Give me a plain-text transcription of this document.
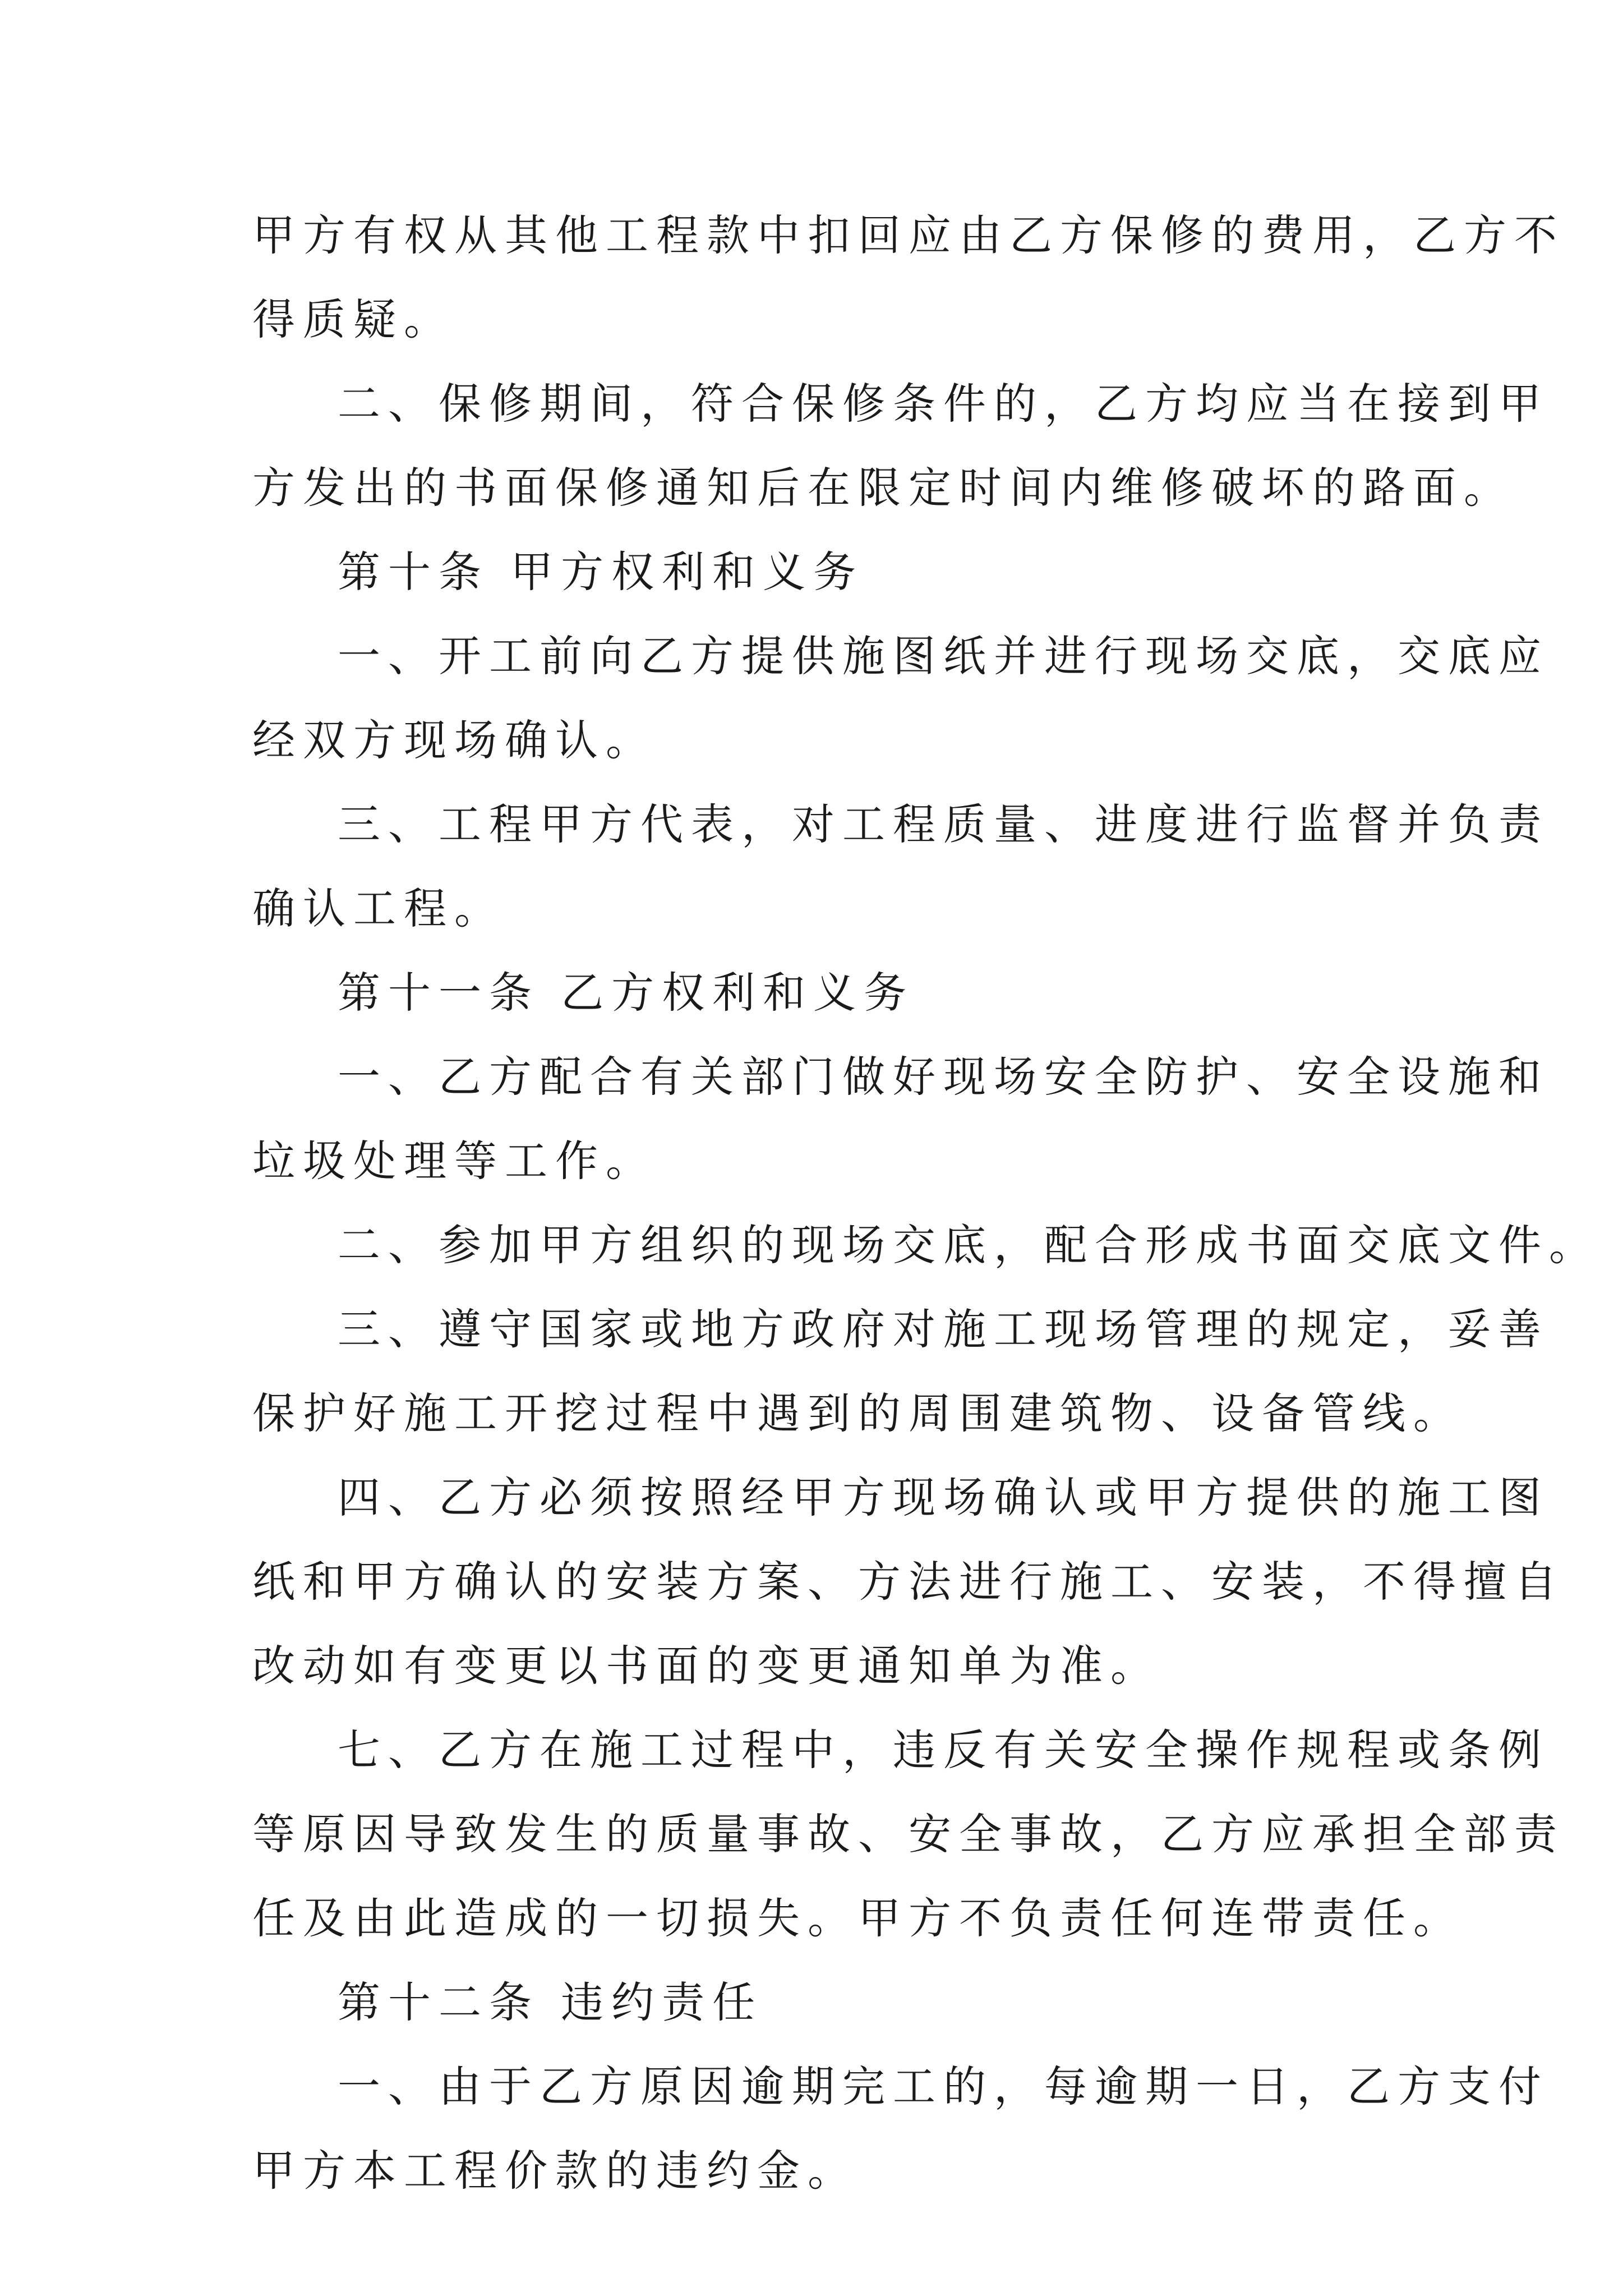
甲方有权从其他工程款中扣回应由乙方保修的费用，乙方不
得质疑。
二、保修期间，符合保修条件的，乙方均应当在接到甲
方发出的书面保修通知后在限定时间内维修破坏的路面。
第十条 甲方权利和义务
一、开工前向乙方提供施图纸并进行现场交底，交底应
经双方现场确认。
三、工程甲方代表，对工程质量、进度进行监督并负责
确认工程。
第十一条 乙方权利和义务
一、乙方配合有关部门做好现场安全防护、安全设施和
垃圾处理等工作。
二、参加甲方组织的现场交底，配合形成书面交底文件。
三、遵守国家或地方政府对施工现场管理的规定，妥善
保护好施工开挖过程中遇到的周围建筑物、设备管线。
四、乙方必须按照经甲方现场确认或甲方提供的施工图
纸和甲方确认的安装方案、方法进行施工、安装，不得擅自
改动如有变更以书面的变更通知单为准。
七、乙方在施工过程中，违反有关安全操作规程或条例
等原因导致发生的质量事故、安全事故，乙方应承担全部责
任及由此造成的一切损失。甲方不负责任何连带责任。
第十二条 违约责任
一、由于乙方原因逾期完工的，每逾期一日，乙方支付
甲方本工程价款的违约金。
